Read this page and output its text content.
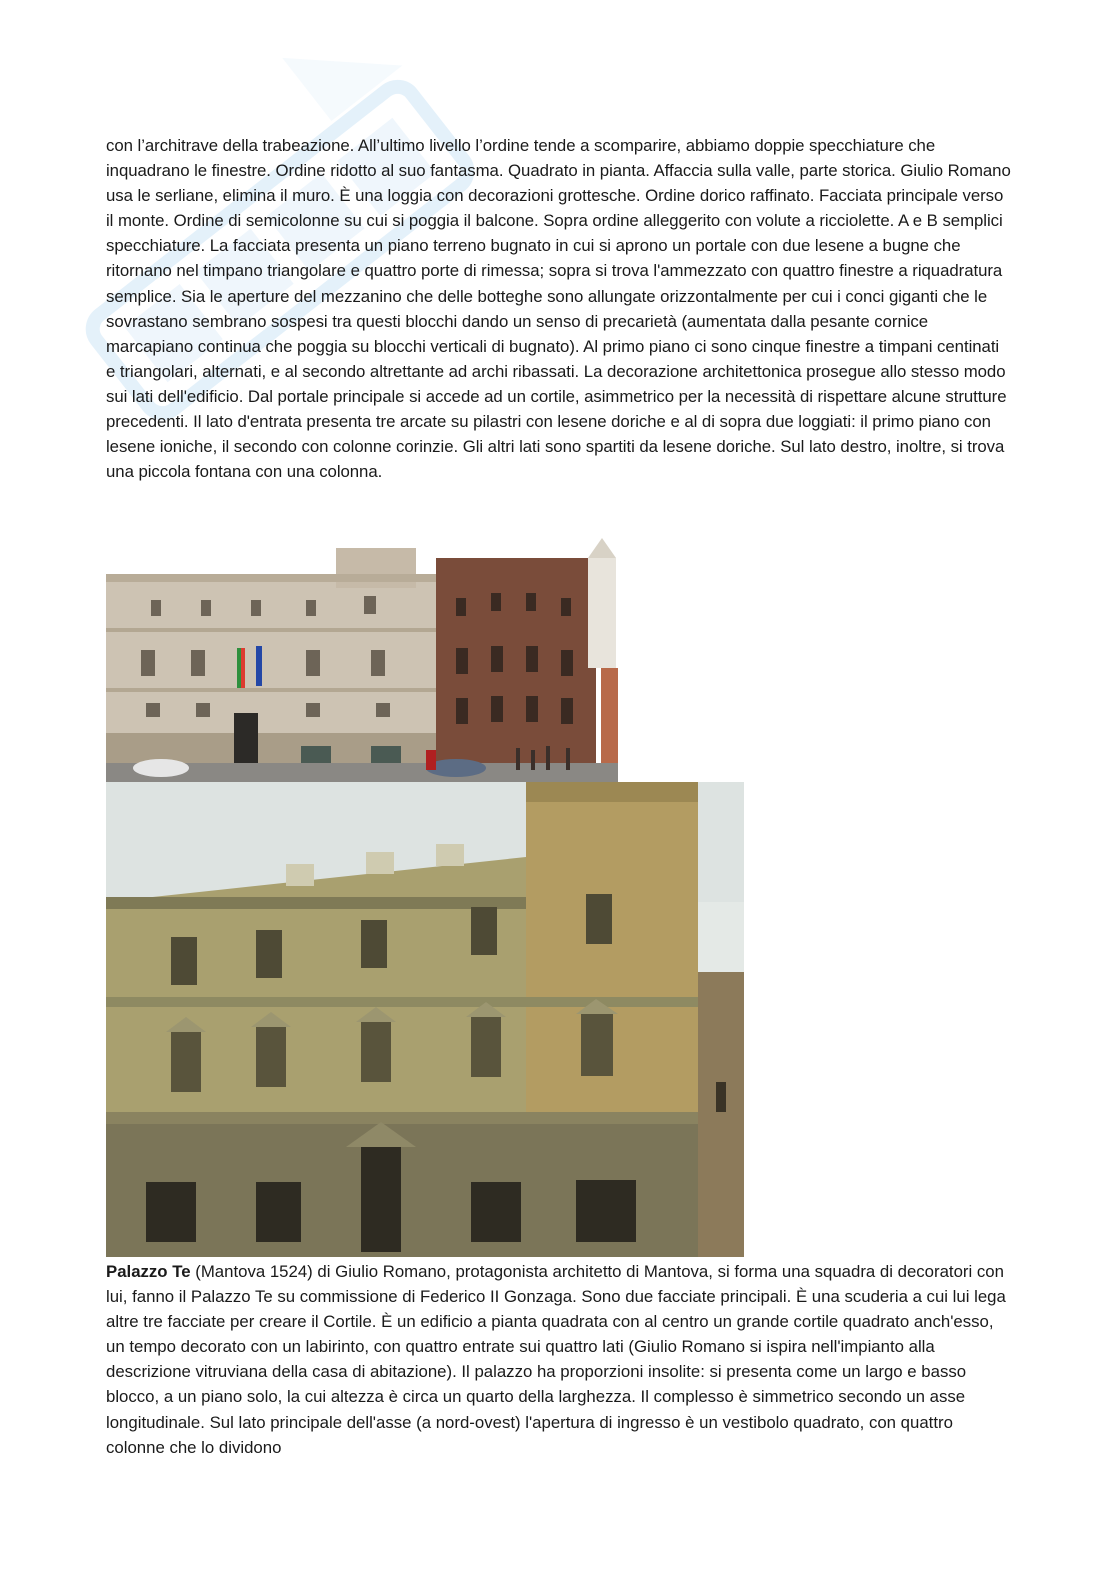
con l’architrave della trabeazione. All’ultimo livello l’ordine tende a scomparire, abbiamo doppie specchiature che inquadrano le finestre. Ordine ridotto al suo fantasma. Quadrato in pianta. Affaccia sulla valle, parte storica. Giulio Romano usa le serliane, elimina il muro. È una loggia con decorazioni grottesche. Ordine dorico raffinato. Facciata principale verso il monte. Ordine di semicolonne su cui si poggia il balcone. Sopra ordine alleggerito con volute a ricciolette. A e B semplici specchiature. La facciata presenta un piano terreno bugnato in cui si aprono un portale con due lesene a bugne che ritornano nel timpano triangolare e quattro porte di rimessa; sopra si trova l'ammezzato con quattro finestre a riquadratura semplice. Sia le aperture del mezzanino che delle botteghe sono allungate orizzontalmente per cui i conci giganti che le sovrastano sembrano sospesi tra questi blocchi dando un senso di precarietà (aumentata dalla pesante cornice marcapiano continua che poggia su blocchi verticali di bugnato). Al primo piano ci sono cinque finestre a timpani centinati e triangolari, alternati, e al secondo altrettante ad archi ribassati. La decorazione architettonica prosegue allo stesso modo sui lati dell'edificio. Dal portale principale si accede ad un cortile, asimmetrico per la necessità di rispettare alcune strutture precedenti. Il lato d'entrata presenta tre arcate su pilastri con lesene doriche e al di sopra due loggiati: il primo piano con lesene ioniche, il secondo con colonne corinzie. Gli altri lati sono spartiti da lesene doriche. Sul lato destro, inoltre, si trova una piccola fontana con una colonna.

Palazzo Te (Mantova 1524) di Giulio Romano, protagonista architetto di Mantova, si forma una squadra di decoratori con lui, fanno il Palazzo Te su commissione di Federico II Gonzaga. Sono due facciate principali. È una scuderia a cui lui lega altre tre facciate per creare il Cortile. È un edificio a pianta quadrata con al centro un grande cortile quadrato anch'esso, un tempo decorato con un labirinto, con quattro entrate sui quattro lati (Giulio Romano si ispira nell'impianto alla descrizione vitruviana della casa di abitazione). Il palazzo ha proporzioni insolite: si presenta come un largo e basso blocco, a un piano solo, la cui altezza è circa un quarto della larghezza. Il complesso è simmetrico secondo un asse longitudinale. Sul lato principale dell'asse (a nord-ovest) l'apertura di ingresso è un vestibolo quadrato, con quattro colonne che lo dividono
